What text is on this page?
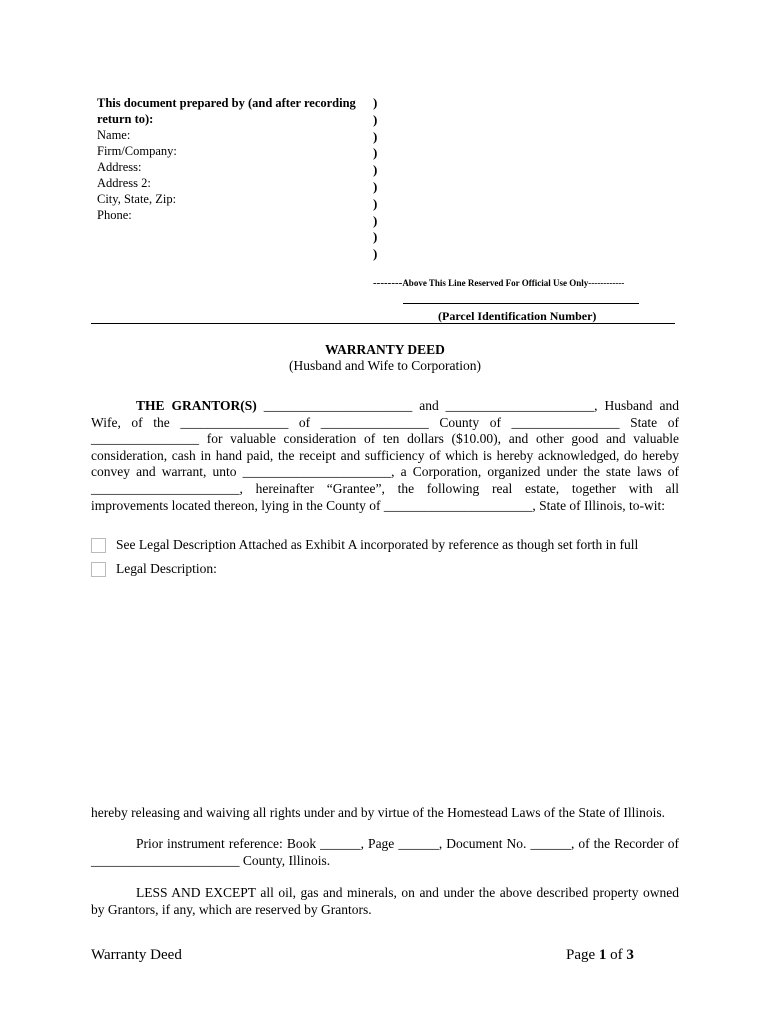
This document prepared by (and after recording
return to):
Name:
Firm/Company:
Address:
Address 2:
City, State, Zip:
Phone:
)
)
)
)
)
)
)
)
)
)
--------Above This Line Reserved For Official Use Only------------
(Parcel Identification Number)
WARRANTY DEED
(Husband and Wife to Corporation)
THE GRANTOR(S) ______________________ and ______________________, Husband and
Wife, of the ________________ of ________________ County of ________________ State of
________________ for valuable consideration of ten dollars ($10.00), and other good and valuable
consideration, cash in hand paid, the receipt and sufficiency of which is hereby acknowledged, do hereby
convey and warrant, unto ______________________, a Corporation, organized under the state laws of
______________________, hereinafter “Grantee”, the following real estate, together with all
improvements located thereon, lying in the County of ______________________, State of Illinois, to-wit:
See Legal Description Attached as Exhibit A incorporated by reference as though set forth in full
Legal Description:
hereby releasing and waiving all rights under and by virtue of the Homestead Laws of the State of Illinois.
Prior instrument reference: Book ______, Page ______, Document No. ______, of the Recorder of
______________________ County, Illinois.
LESS AND EXCEPT all oil, gas and minerals, on and under the above described property owned
by Grantors, if any, which are reserved by Grantors.
Warranty Deed	Page 1 of 3
